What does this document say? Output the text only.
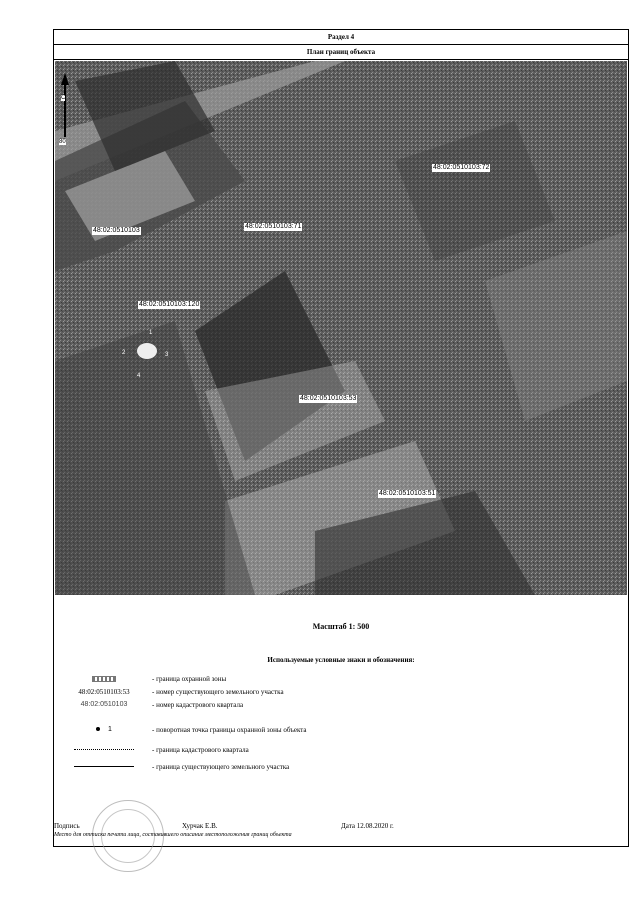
Раздел 4
План границ объекта
С
80
48:02:0510103:72
48:02:0510103
48:02:0510103:71
48:02:0510103:120
48:02:0510103:53
48:02:0510103:51
1
2	3
4
Масштаб 1: 500
Используемые условные знаки и обозначения:
- граница охранной зоны
48:02:0510103:53	- номер существующего земельного участка
48:02:0510103	- номер кадастрового квартала
1	- поворотная точка границы охранной зоны объекта
- граница кадастрового квартала
- граница существующего земельного участка
Подпись	Хурчак Е.В.	Дата 12.08.2020 г.
Место для оттиска печати лица, составившего описание местоположения границ объекта
